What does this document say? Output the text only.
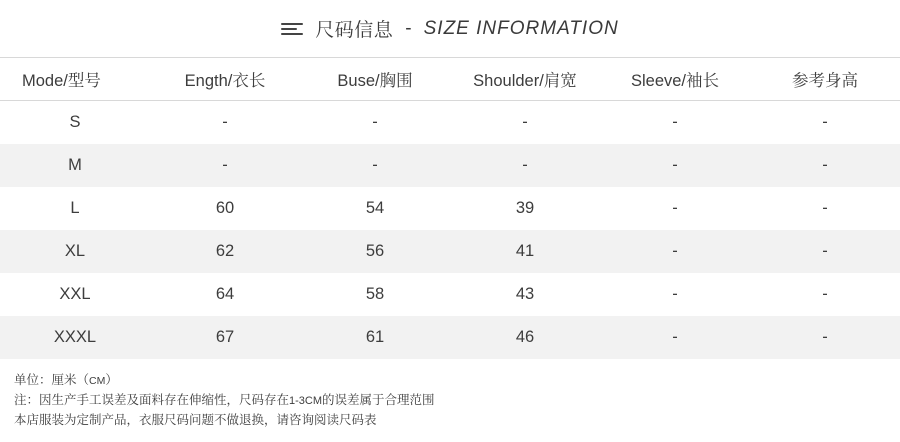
尺码信息 - SIZE INFORMATION
Mode/型号	Ength/衣长	Buse/胸围	Shoulder/肩宽	Sleeve/袖长	参考身高
S	-	-	-	-	-
M	-	-	-	-	-
L	60	54	39	-	-
XL	62	56	41	-	-
XXL	64	58	43	-	-
XXXL	67	61	46	-	-
单位：厘米（CM）
注：因生产手工误差及面料存在伸缩性，尺码存在1-3CM的误差属于合理范围
本店服装为定制产品，衣服尺码问题不做退换，请咨询阅读尺码表
